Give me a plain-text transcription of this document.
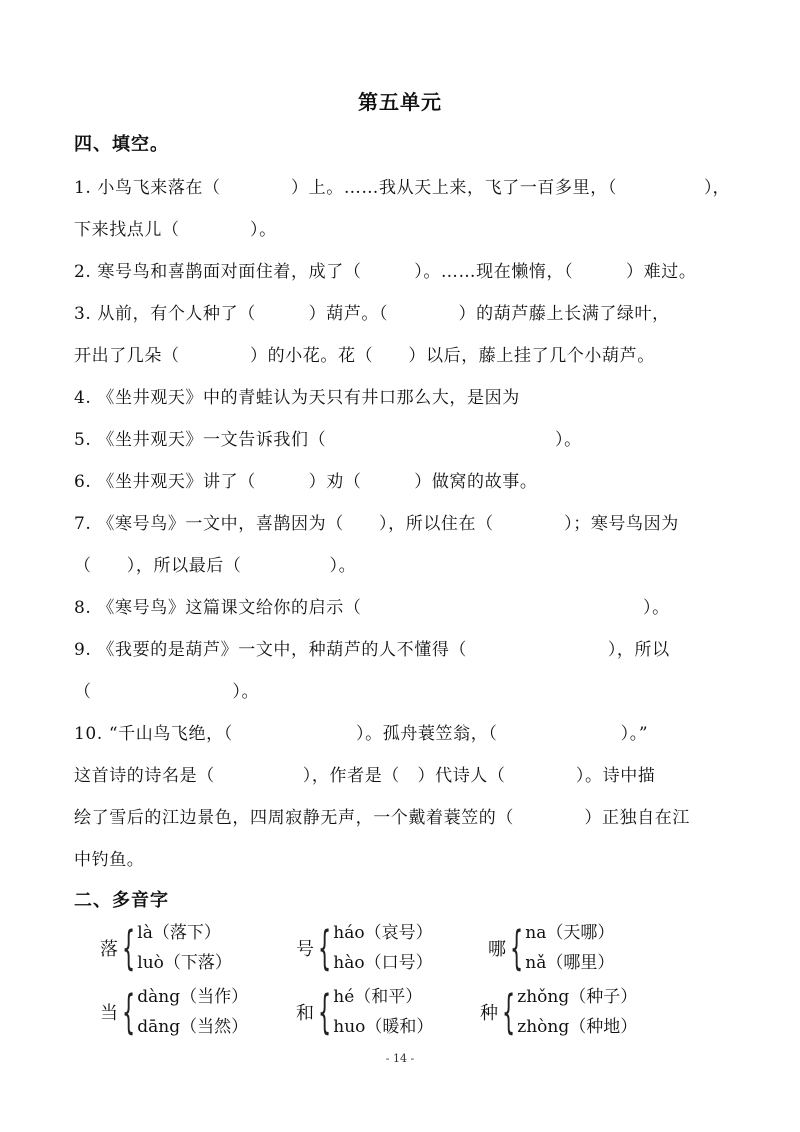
第五单元
四、填空。
1. 小鸟飞来落在（　　　　）上。……我从天上来，飞了一百多里，（	），
下来找点儿（　　　　）。
2. 寒号鸟和喜鹊面对面住着，成了（　　　）。……现在懒惰，（　　　）难过。
3. 从前，有个人种了（　　　）葫芦。（　　　　）的葫芦藤上长满了绿叶，
开出了几朵（　　　　）的小花。花（　　）以后，藤上挂了几个小葫芦。
4. 《坐井观天》中的青蛙认为天只有井口那么大，是因为
5. 《坐井观天》一文告诉我们（　　　　　　　　　　　　　）。
6. 《坐井观天》讲了（　　　）劝（　　　）做窝的故事。
7. 《寒号鸟》一文中，喜鹊因为（　　），所以住在（　　　　）；寒号鸟因为
（　　），所以最后（　　　　　）。
8. 《寒号鸟》这篇课文给你的启示（　　　　　　　　　　　　　　　　）。
9. 《我要的是葫芦》一文中，种葫芦的人不懂得（　　　　　　　　），所以
（　　　　　　　　）。
10. “千山鸟飞绝，（　　　　　　　）。孤舟蓑笠翁，（　　　　　　　）。”
这首诗的诗名是（　　　　　），作者是（　）代诗人（　　　　）。诗中描
绘了雪后的江边景色，四周寂静无声，一个戴着蓑笠的（　　　　）正独自在江
中钓鱼。
二、多音字
落 { là（落下）
luò（下落）
号 { háo（哀号）
hào（口号）
哪 { na（天哪）
nǎ（哪里）
当 { dàng（当作）
dāng（当然）
和 { hé（和平）
huo（暖和）
种 { zhǒng（种子）
zhòng（种地）
- 14 -
